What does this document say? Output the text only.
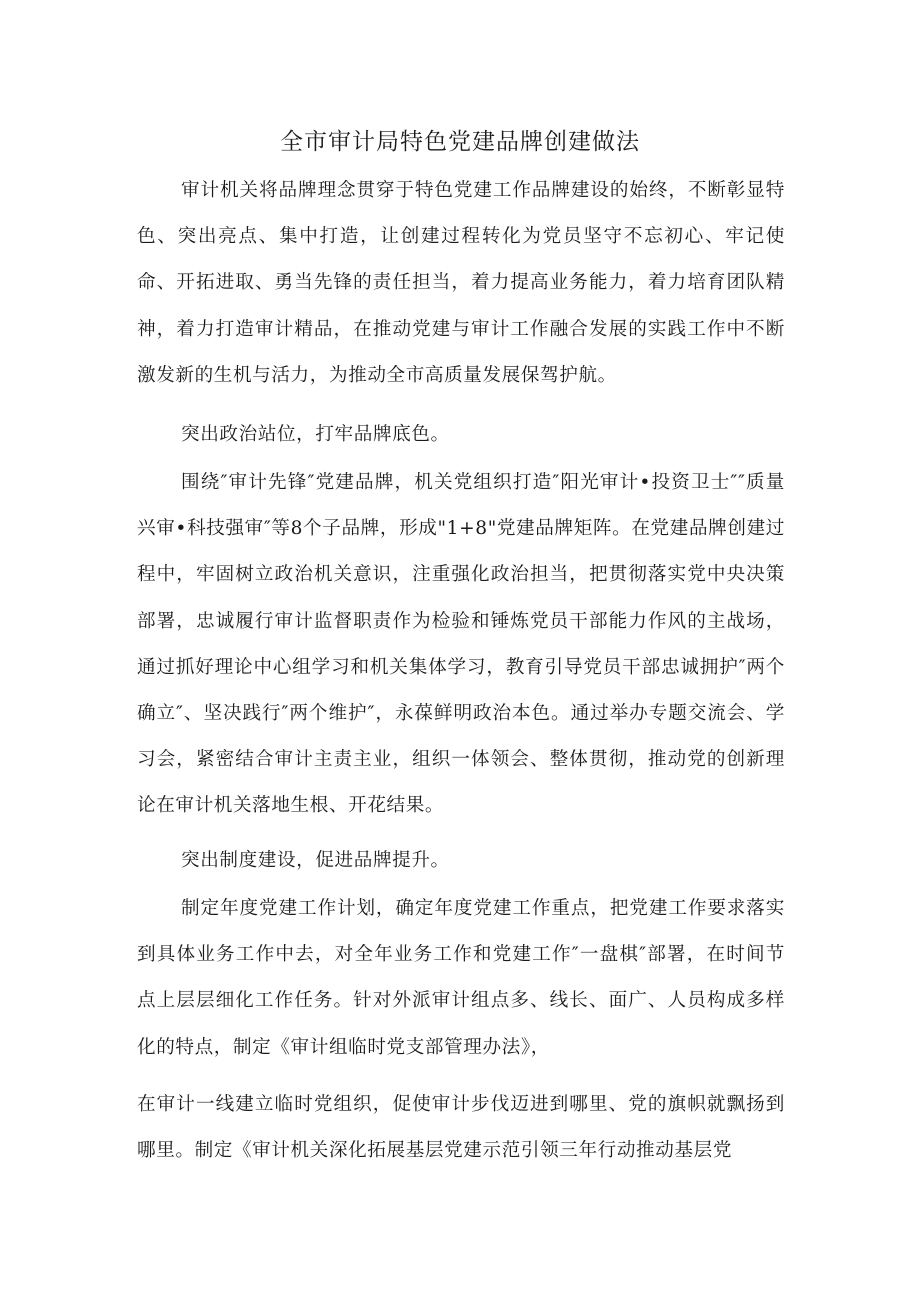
全市审计局特色党建品牌创建做法

审计机关将品牌理念贯穿于特色党建工作品牌建设的始终，不断彰显特色、突出亮点、集中打造，让创建过程转化为党员坚守不忘初心、牢记使命、开拓进取、勇当先锋的责任担当，着力提高业务能力，着力培育团队精神，着力打造审计精品，在推动党建与审计工作融合发展的实践工作中不断激发新的生机与活力，为推动全市高质量发展保驾护航。

突出政治站位，打牢品牌底色。

围绕″审计先锋″党建品牌，机关党组织打造″阳光审计•投资卫士″″质量兴审•科技强审″等8个子品牌，形成"1+8"党建品牌矩阵。在党建品牌创建过程中，牢固树立政治机关意识，注重强化政治担当，把贯彻落实党中央决策部署，忠诚履行审计监督职责作为检验和锤炼党员干部能力作风的主战场，通过抓好理论中心组学习和机关集体学习，教育引导党员干部忠诚拥护″两个确立″、坚决践行″两个维护″，永葆鲜明政治本色。通过举办专题交流会、学习会，紧密结合审计主责主业，组织一体领会、整体贯彻，推动党的创新理论在审计机关落地生根、开花结果。

突出制度建设，促进品牌提升。

制定年度党建工作计划，确定年度党建工作重点，把党建工作要求落实到具体业务工作中去，对全年业务工作和党建工作″一盘棋″部署，在时间节点上层层细化工作任务。针对外派审计组点多、线长、面广、人员构成多样化的特点，制定《审计组临时党支部管理办法》，

在审计一线建立临时党组织，促使审计步伐迈进到哪里、党的旗帜就飘扬到哪里。制定《审计机关深化拓展基层党建示范引领三年行动推动基层党
